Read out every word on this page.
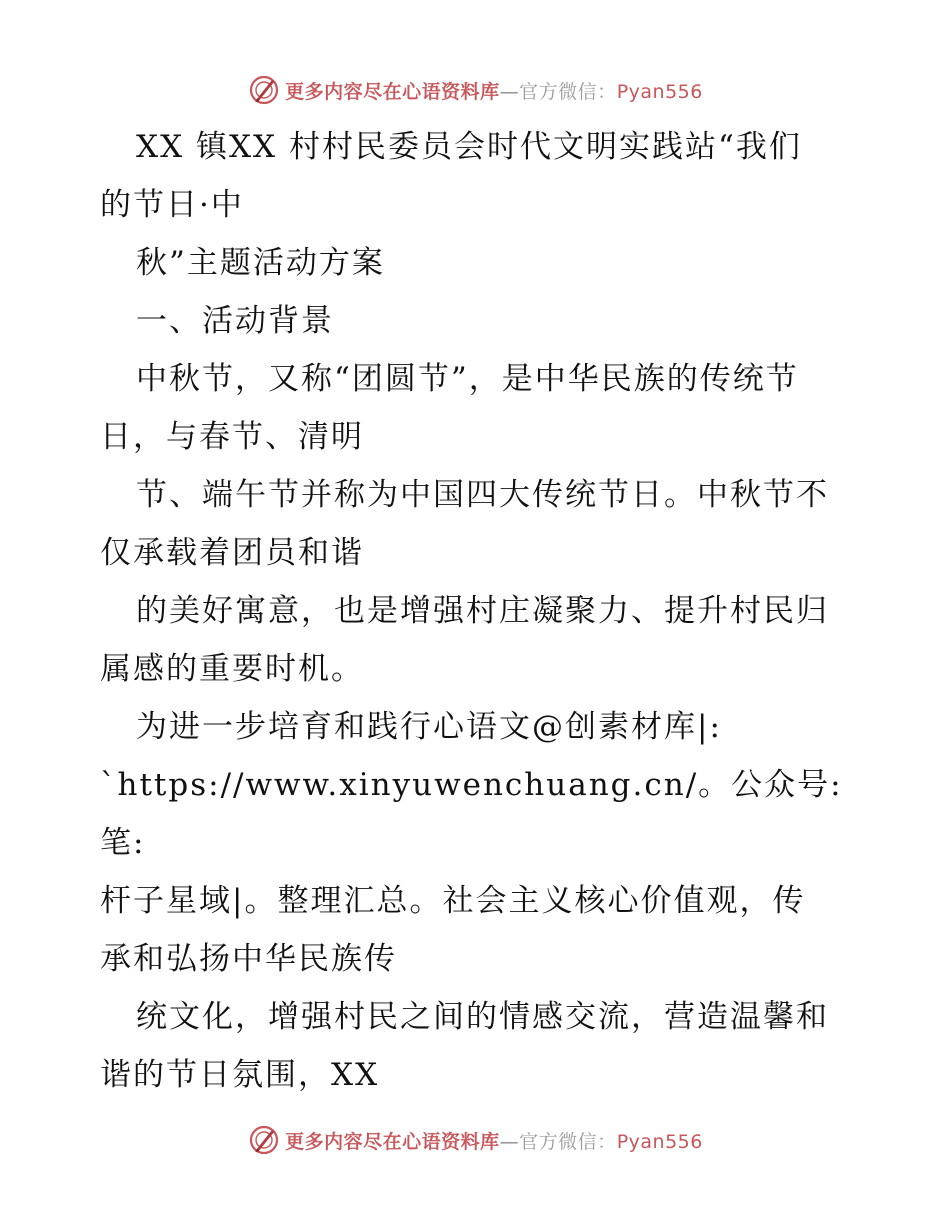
更多内容尽在心语资料库—官方微信：Pyan556

XX 镇XX 村村民委员会时代文明实践站“我们

的节日·中

秋”主题活动方案

一、活动背景

中秋节，又称“团圆节”，是中华民族的传统节

日，与春节、清明

节、端午节并称为中国四大传统节日。中秋节不

仅承载着团员和谐

的美好寓意，也是增强村庄凝聚力、提升村民归

属感的重要时机。

为进一步培育和践行心语文@创素材库|:

`https://www.xinyuwenchuang.cn/。公众号: 笔:

杆子星域|。整理汇总。社会主义核心价值观，传

承和弘扬中华民族传

统文化，增强村民之间的情感交流，营造温馨和

谐的节日氛围，XX

更多内容尽在心语资料库—官方微信：Pyan556
